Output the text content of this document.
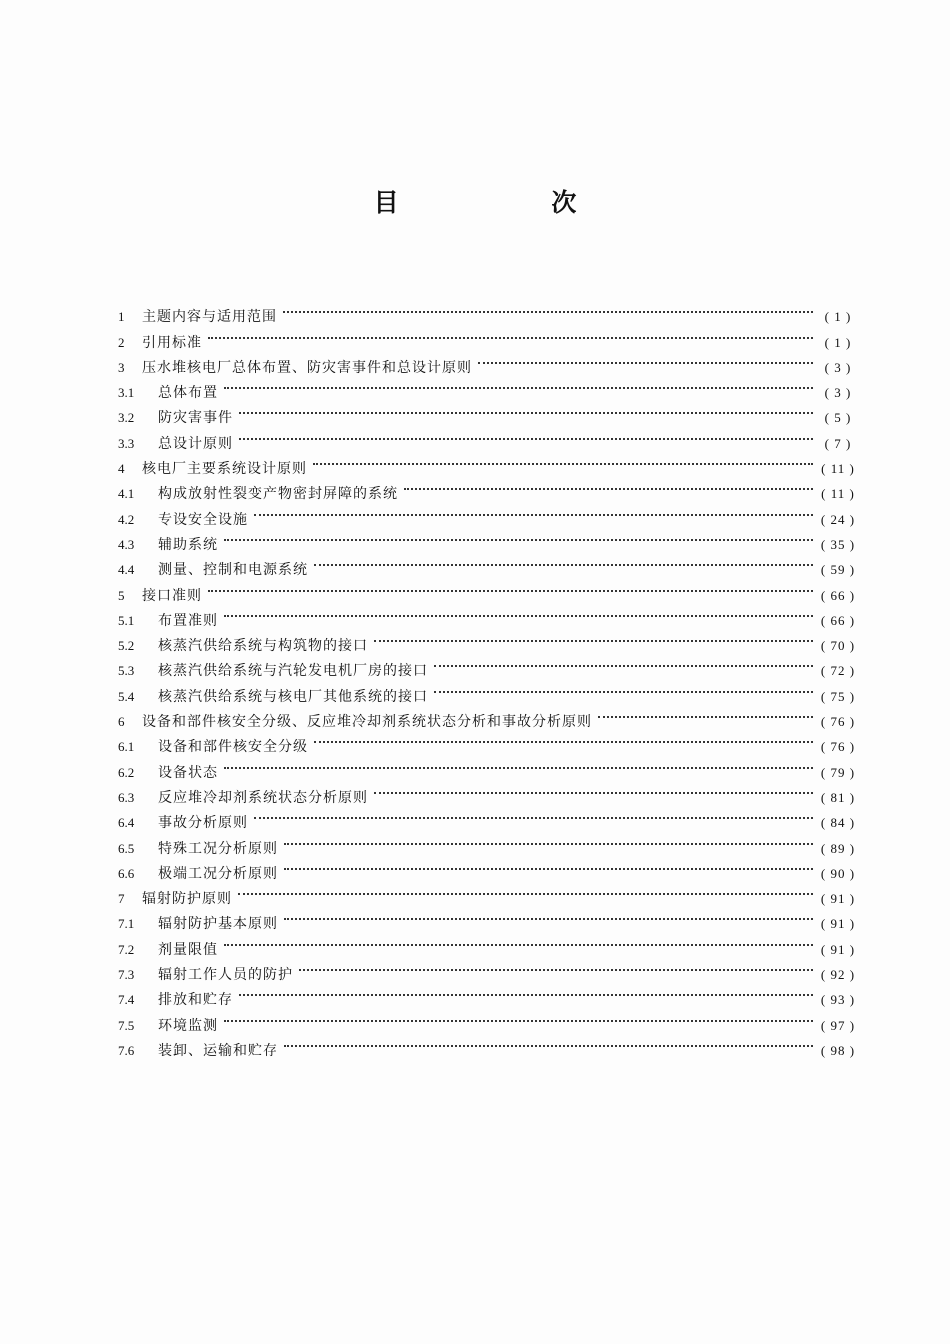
目 次
1	主题内容与适用范围	( 1 )
2	引用标准	( 1 )
3	压水堆核电厂总体布置、防灾害事件和总设计原则	( 3 )
3.1	总体布置	( 3 )
3.2	防灾害事件	( 5 )
3.3	总设计原则	( 7 )
4	核电厂主要系统设计原则	( 11 )
4.1	构成放射性裂变产物密封屏障的系统	( 11 )
4.2	专设安全设施	( 24 )
4.3	辅助系统	( 35 )
4.4	测量、控制和电源系统	( 59 )
5	接口准则	( 66 )
5.1	布置准则	( 66 )
5.2	核蒸汽供给系统与构筑物的接口	( 70 )
5.3	核蒸汽供给系统与汽轮发电机厂房的接口	( 72 )
5.4	核蒸汽供给系统与核电厂其他系统的接口	( 75 )
6	设备和部件核安全分级、反应堆冷却剂系统状态分析和事故分析原则	( 76 )
6.1	设备和部件核安全分级	( 76 )
6.2	设备状态	( 79 )
6.3	反应堆冷却剂系统状态分析原则	( 81 )
6.4	事故分析原则	( 84 )
6.5	特殊工况分析原则	( 89 )
6.6	极端工况分析原则	( 90 )
7	辐射防护原则	( 91 )
7.1	辐射防护基本原则	( 91 )
7.2	剂量限值	( 91 )
7.3	辐射工作人员的防护	( 92 )
7.4	排放和贮存	( 93 )
7.5	环境监测	( 97 )
7.6	装卸、运输和贮存	( 98 )
